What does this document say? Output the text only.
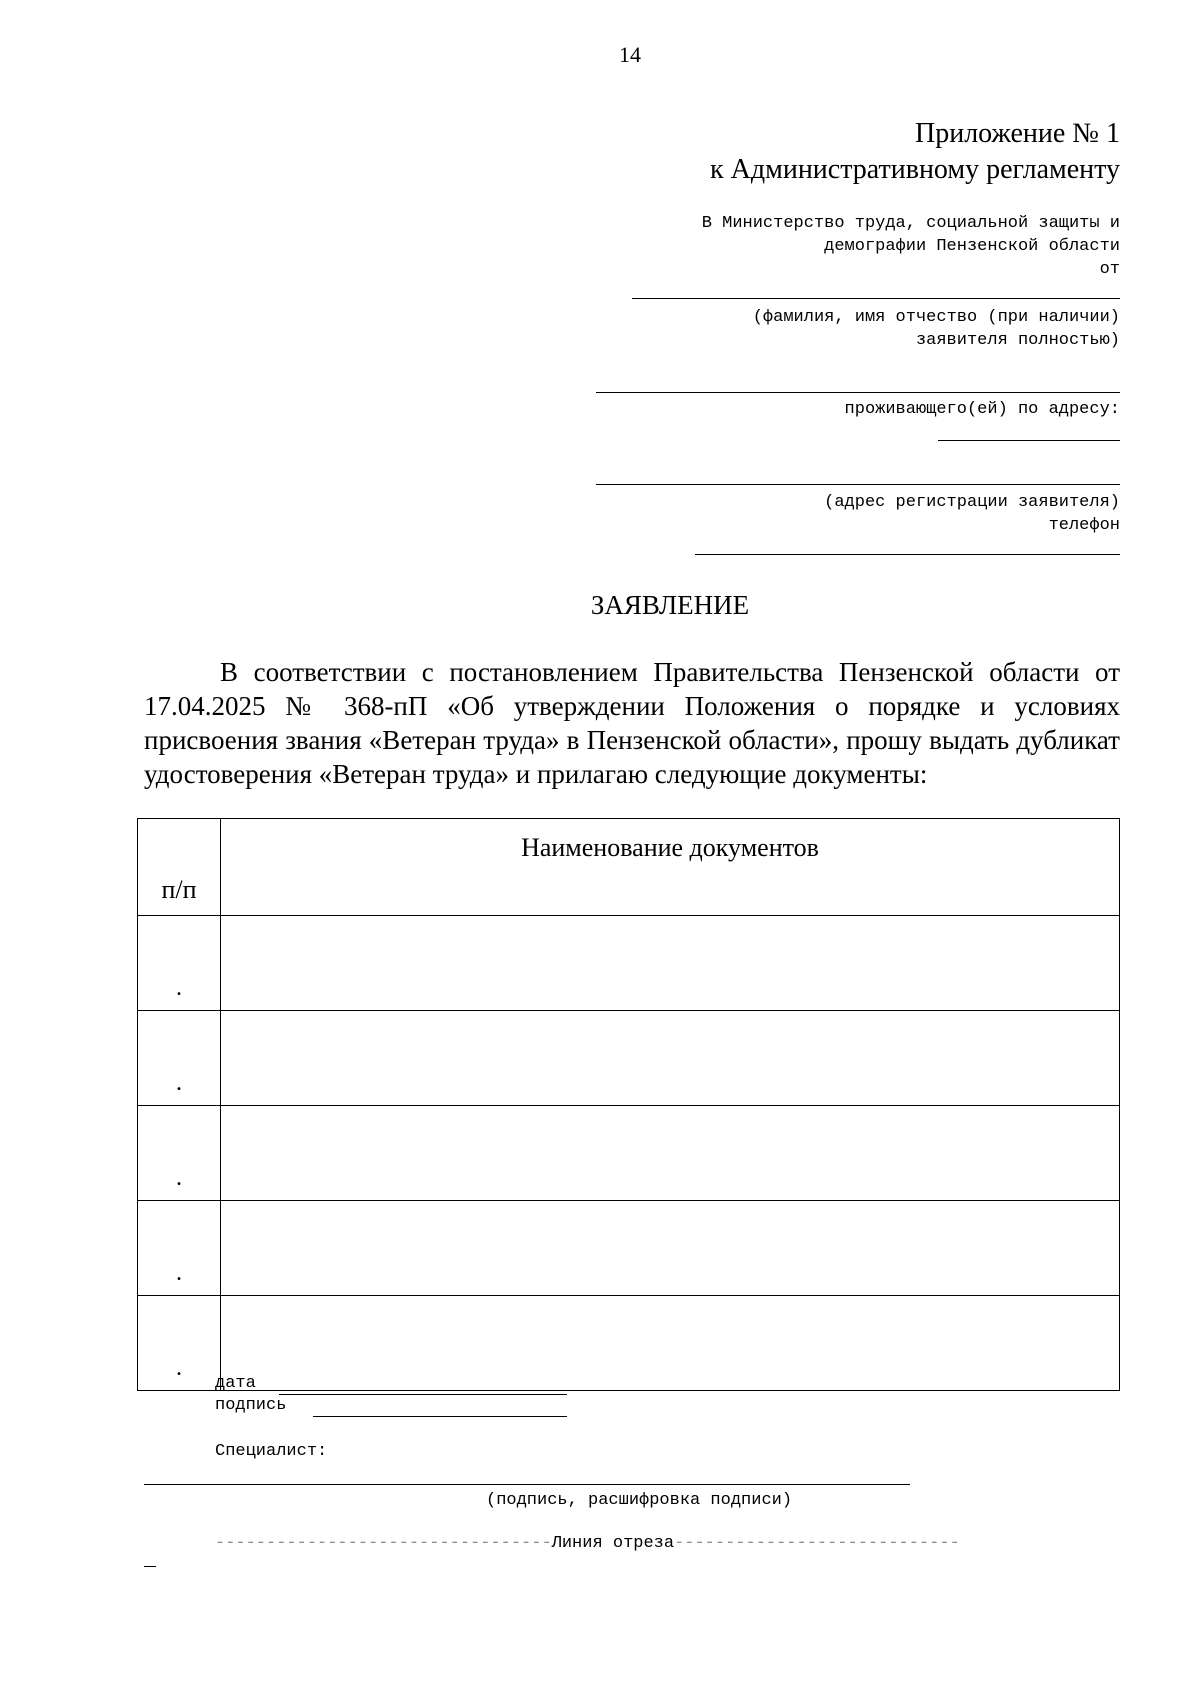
14
Приложение № 1
к Административному регламенту
В Министерство труда, социальной защиты и
демографии Пензенской области
от
(фамилия, имя отчество (при наличии)
заявителя полностью)
проживающего(ей) по адресу:
(адрес регистрации заявителя)
телефон
ЗАЯВЛЕНИЕ

В соответствии с постановлением Правительства Пензенской области от 17.04.2025 № 368-пП «Об утверждении Положения о порядке и условиях присвоения звания «Ветеран труда» в Пензенской области», прошу выдать дубликат удостоверения «Ветеран труда» и прилагаю следующие документы:

п/п	Наименование документов
.	
.	
.	
.	
.	
дата
подпись
Специалист:
(подпись, расшифровка подписи)
---------------------------------Линия отреза----------------------------
